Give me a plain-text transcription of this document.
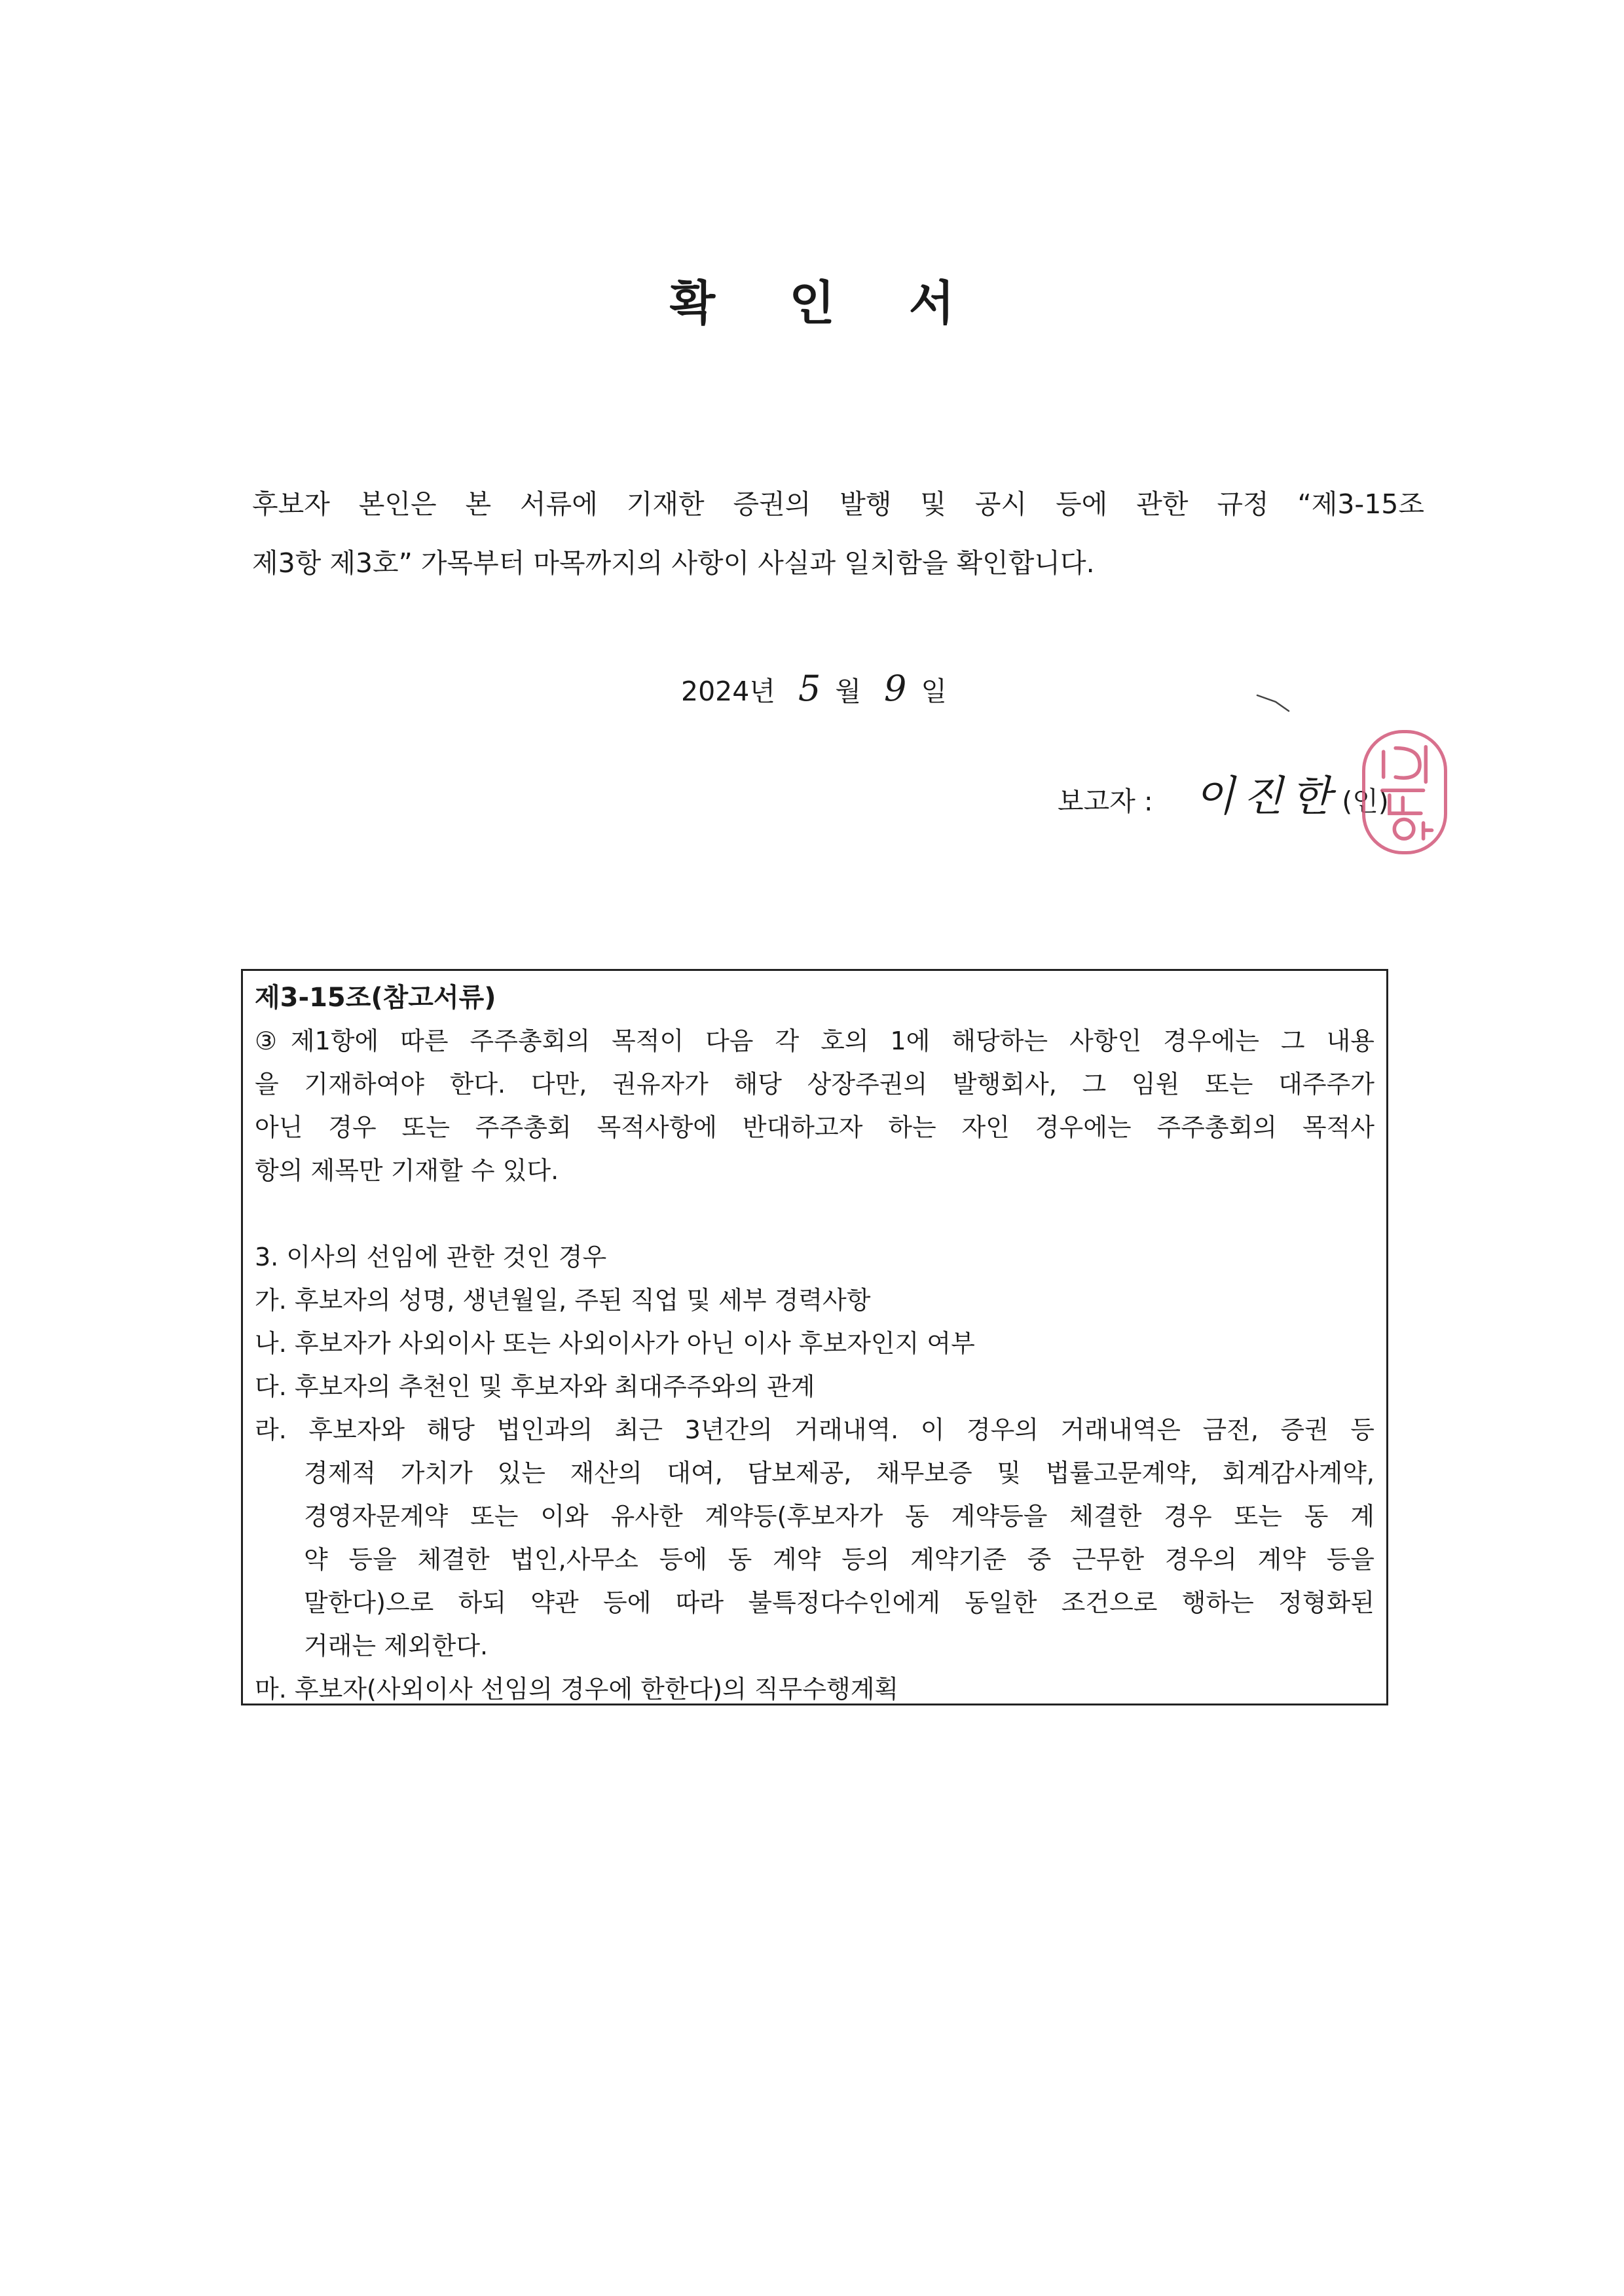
확 인 서
후보자 본인은 본 서류에 기재한 증권의 발행 및 공시 등에 관한 규정 “제3-15조
제3항 제3호” 가목부터 마목까지의 사항이 사실과 일치함을 확인합니다.
2024년 5 월 9 일
보고자 : 이진한(인)
제3-15조(참고서류)
③제1항에 따른 주주총회의 목적이 다음 각 호의 1에 해당하는 사항인 경우에는 그 내용
을 기재하여야 한다. 다만, 권유자가 해당 상장주권의 발행회사, 그 임원 또는 대주주가
아닌 경우 또는 주주총회 목적사항에 반대하고자 하는 자인 경우에는 주주총회의 목적사
항의 제목만 기재할 수 있다.
3. 이사의 선임에 관한 것인 경우
가. 후보자의 성명, 생년월일, 주된 직업 및 세부 경력사항
나. 후보자가 사외이사 또는 사외이사가 아닌 이사 후보자인지 여부
다. 후보자의 추천인 및 후보자와 최대주주와의 관계
라. 후보자와 해당 법인과의 최근 3년간의 거래내역. 이 경우의 거래내역은 금전, 증권 등
경제적 가치가 있는 재산의 대여, 담보제공, 채무보증 및 법률고문계약, 회계감사계약,
경영자문계약 또는 이와 유사한 계약등(후보자가 동 계약등을 체결한 경우 또는 동 계
약 등을 체결한 법인,사무소 등에 동 계약 등의 계약기준 중 근무한 경우의 계약 등을
말한다)으로 하되 약관 등에 따라 불특정다수인에게 동일한 조건으로 행하는 정형화된
거래는 제외한다.
마. 후보자(사외이사 선임의 경우에 한한다)의 직무수행계획
